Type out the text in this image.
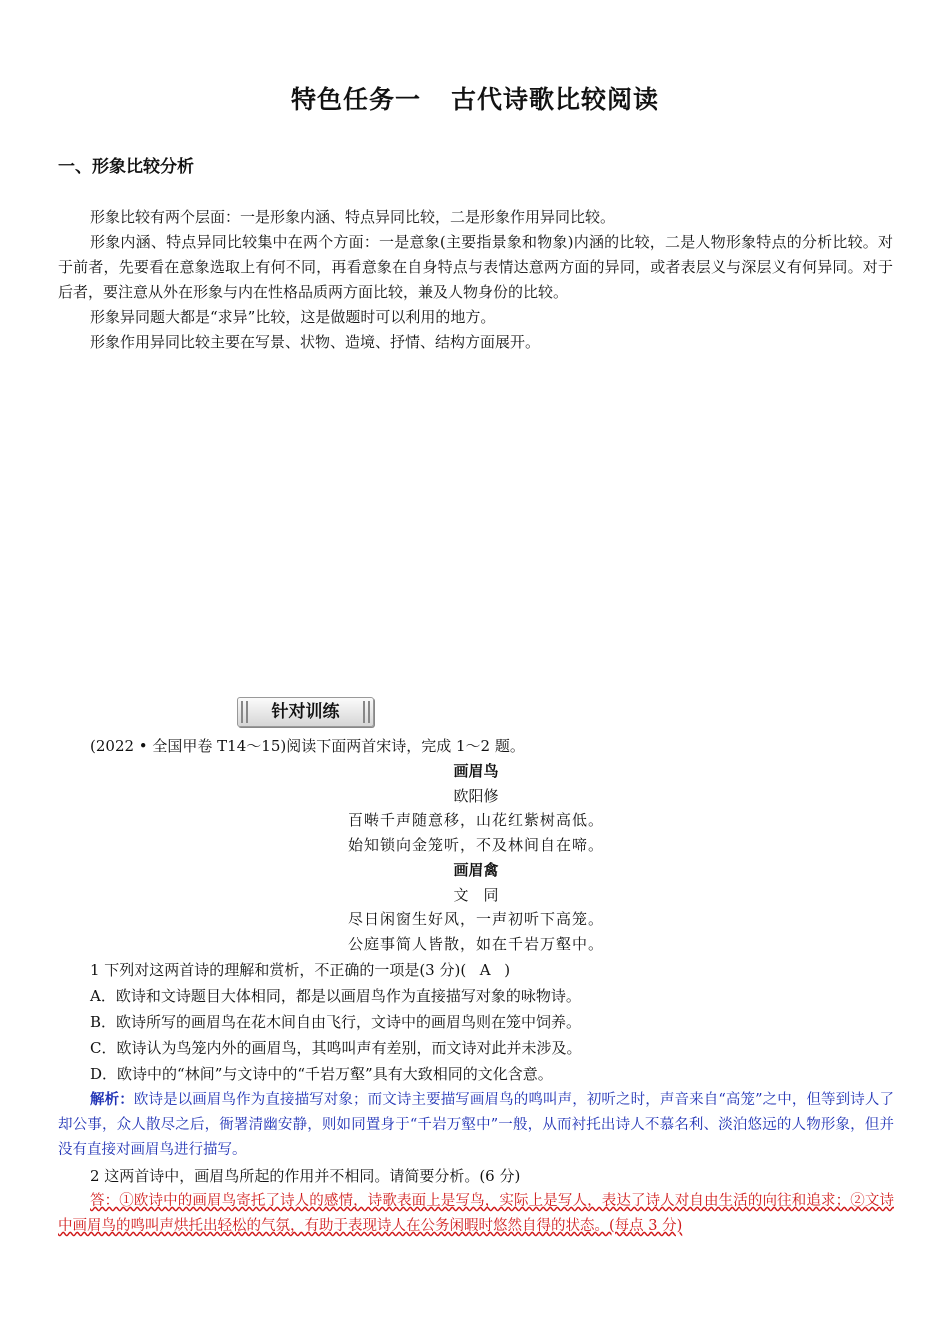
特色任务一 古代诗歌比较阅读
一、形象比较分析

形象比较有两个层面：一是形象内涵、特点异同比较，二是形象作用异同比较。

形象内涵、特点异同比较集中在两个方面：一是意象(主要指景象和物象)内涵的比较，二是人物形象特点的分析比较。对于前者，先要看在意象选取上有何不同，再看意象在自身特点与表情达意两方面的异同，或者表层义与深层义有何异同。对于后者，要注意从外在形象与内在性格品质两方面比较，兼及人物身份的比较。

形象异同题大都是“求异”比较，这是做题时可以利用的地方。

形象作用异同比较主要在写景、状物、造境、抒情、结构方面展开。

针对训练
(2022 • 全国甲卷 T14～15)阅读下面两首宋诗，完成 1～2 题。
画眉鸟
欧阳修
百啭千声随意移，山花红紫树高低。
始知锁向金笼听，不及林间自在啼。
画眉禽
文　同
尽日闲窗生好风，一声初听下高笼。
公庭事简人皆散，如在千岩万壑中。
1 下列对这两首诗的理解和赏析，不正确的一项是(3 分)( A )
A．欧诗和文诗题目大体相同，都是以画眉鸟作为直接描写对象的咏物诗。
B．欧诗所写的画眉鸟在花木间自由飞行，文诗中的画眉鸟则在笼中饲养。
C．欧诗认为鸟笼内外的画眉鸟，其鸣叫声有差别，而文诗对此并未涉及。
D．欧诗中的“林间”与文诗中的“千岩万壑”具有大致相同的文化含意。
解析：欧诗是以画眉鸟作为直接描写对象；而文诗主要描写画眉鸟的鸣叫声，初听之时，声音来自“高笼”之中，但等到诗人了却公事，众人散尽之后，衙署清幽安静，则如同置身于“千岩万壑中”一般，从而衬托出诗人不慕名利、淡泊悠远的人物形象，但并没有直接对画眉鸟进行描写。
2 这两首诗中，画眉鸟所起的作用并不相同。请简要分析。(6 分)
答：①欧诗中的画眉鸟寄托了诗人的感情，诗歌表面上是写鸟，实际上是写人，表达了诗人对自由生活的向往和追求；②文诗中画眉鸟的鸣叫声烘托出轻松的气氛，有助于表现诗人在公务闲暇时悠然自得的状态。(每点 3 分)
